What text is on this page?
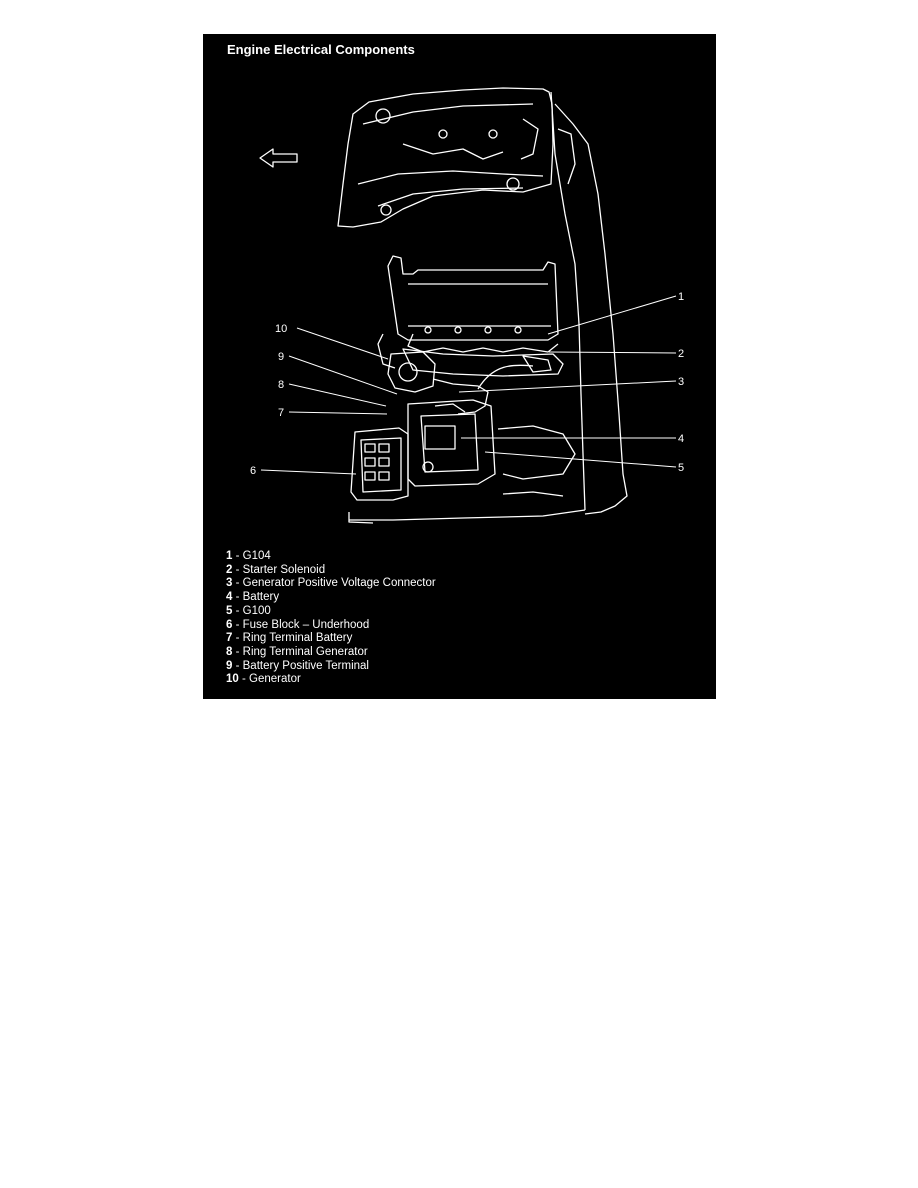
Engine Electrical Components
1
2
3
4
5
6
7
8
9
10
1 - G104
2 - Starter Solenoid
3 - Generator Positive Voltage Connector
4 - Battery
5 - G100
6 - Fuse Block – Underhood
7 - Ring Terminal Battery
8 - Ring Terminal Generator
9 - Battery Positive Terminal
10 - Generator
